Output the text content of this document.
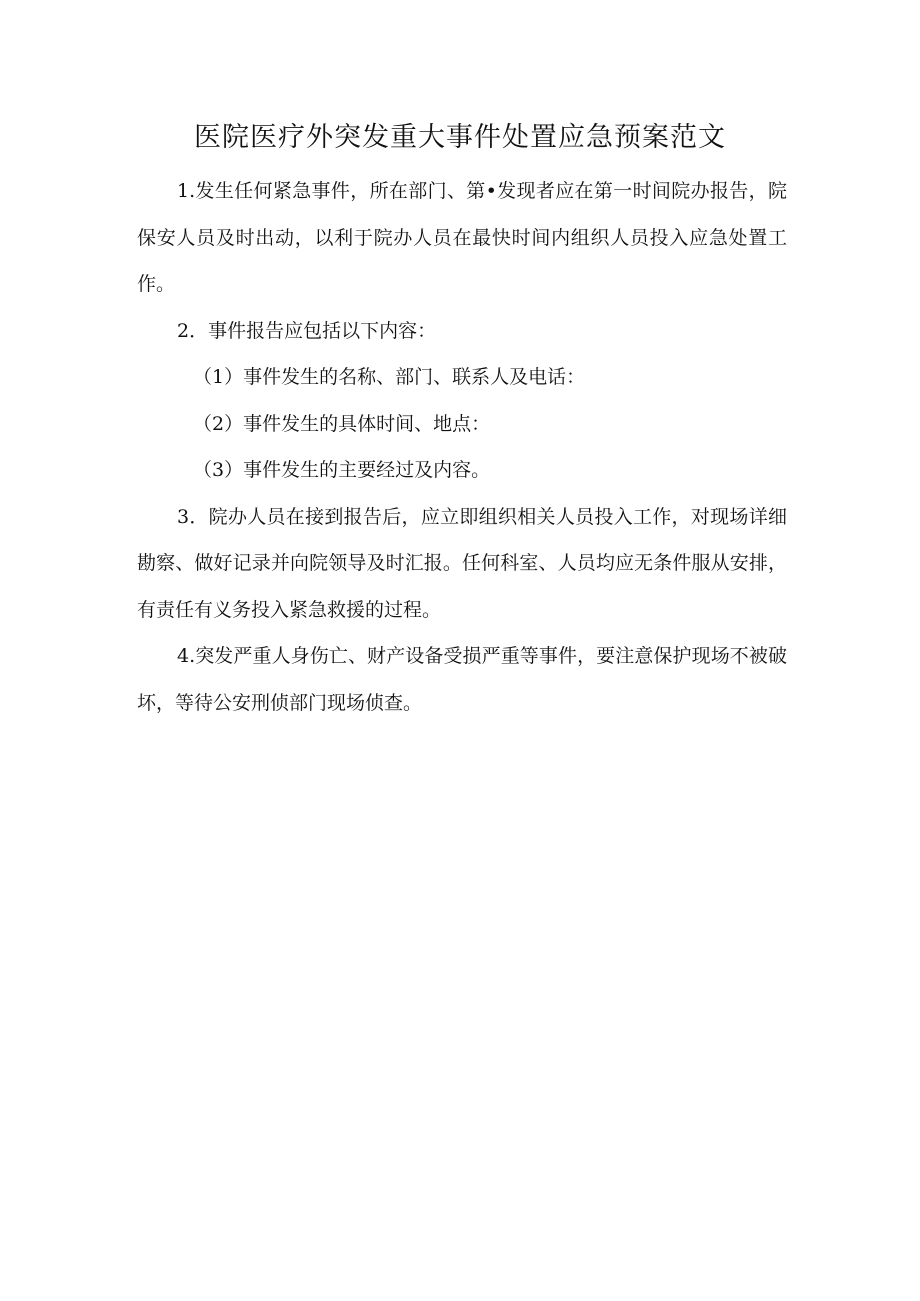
医院医疗外突发重大事件处置应急预案范文

1.发生任何紧急事件，所在部门、第•发现者应在第一时间院办报告，院保安人员及时出动，以利于院办人员在最快时间内组织人员投入应急处置工作。

2．事件报告应包括以下内容：

（1）事件发生的名称、部门、联系人及电话：

（2）事件发生的具体时间、地点：

（3）事件发生的主要经过及内容。

3．院办人员在接到报告后，应立即组织相关人员投入工作，对现场详细勘察、做好记录并向院领导及时汇报。任何科室、人员均应无条件服从安排，有责任有义务投入紧急救援的过程。

4.突发严重人身伤亡、财产设备受损严重等事件，要注意保护现场不被破坏，等待公安刑侦部门现场侦查。
